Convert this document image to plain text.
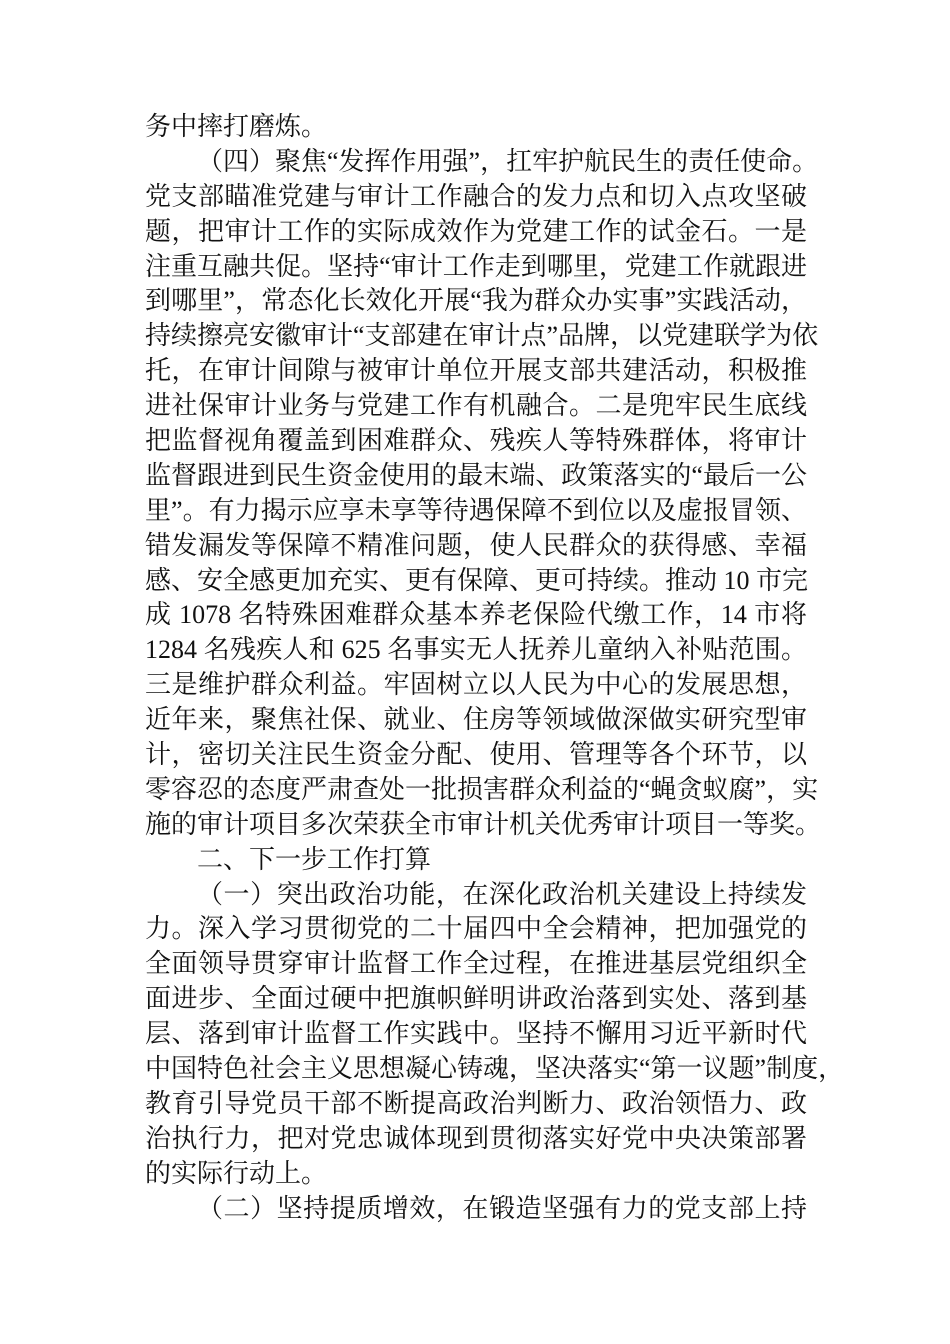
务中摔打磨炼。
（四）聚焦“发挥作用强”，扛牢护航民生的责任使命。
党支部瞄准党建与审计工作融合的发力点和切入点攻坚破
题，把审计工作的实际成效作为党建工作的试金石。一是
注重互融共促。坚持“审计工作走到哪里，党建工作就跟进
到哪里”，常态化长效化开展“我为群众办实事”实践活动，
持续擦亮安徽审计“支部建在审计点”品牌，以党建联学为依
托，在审计间隙与被审计单位开展支部共建活动，积极推
进社保审计业务与党建工作有机融合。二是兜牢民生底线
把监督视角覆盖到困难群众、残疾人等特殊群体，将审计
监督跟进到民生资金使用的最末端、政策落实的“最后一公
里”。有力揭示应享未享等待遇保障不到位以及虚报冒领、
错发漏发等保障不精准问题，使人民群众的获得感、幸福
感、安全感更加充实、更有保障、更可持续。推动 10 市完
成 1078 名特殊困难群众基本养老保险代缴工作，14 市将
1284 名残疾人和 625 名事实无人抚养儿童纳入补贴范围。
三是维护群众利益。牢固树立以人民为中心的发展思想，
近年来，聚焦社保、就业、住房等领域做深做实研究型审
计，密切关注民生资金分配、使用、管理等各个环节，以
零容忍的态度严肃查处一批损害群众利益的“蝇贪蚁腐”，实
施的审计项目多次荣获全市审计机关优秀审计项目一等奖。
二、下一步工作打算
（一）突出政治功能，在深化政治机关建设上持续发
力。深入学习贯彻党的二十届四中全会精神，把加强党的
全面领导贯穿审计监督工作全过程，在推进基层党组织全
面进步、全面过硬中把旗帜鲜明讲政治落到实处、落到基
层、落到审计监督工作实践中。坚持不懈用习近平新时代
中国特色社会主义思想凝心铸魂，坚决落实“第一议题”制度，
教育引导党员干部不断提高政治判断力、政治领悟力、政
治执行力，把对党忠诚体现到贯彻落实好党中央决策部署
的实际行动上。
（二）坚持提质增效，在锻造坚强有力的党支部上持
